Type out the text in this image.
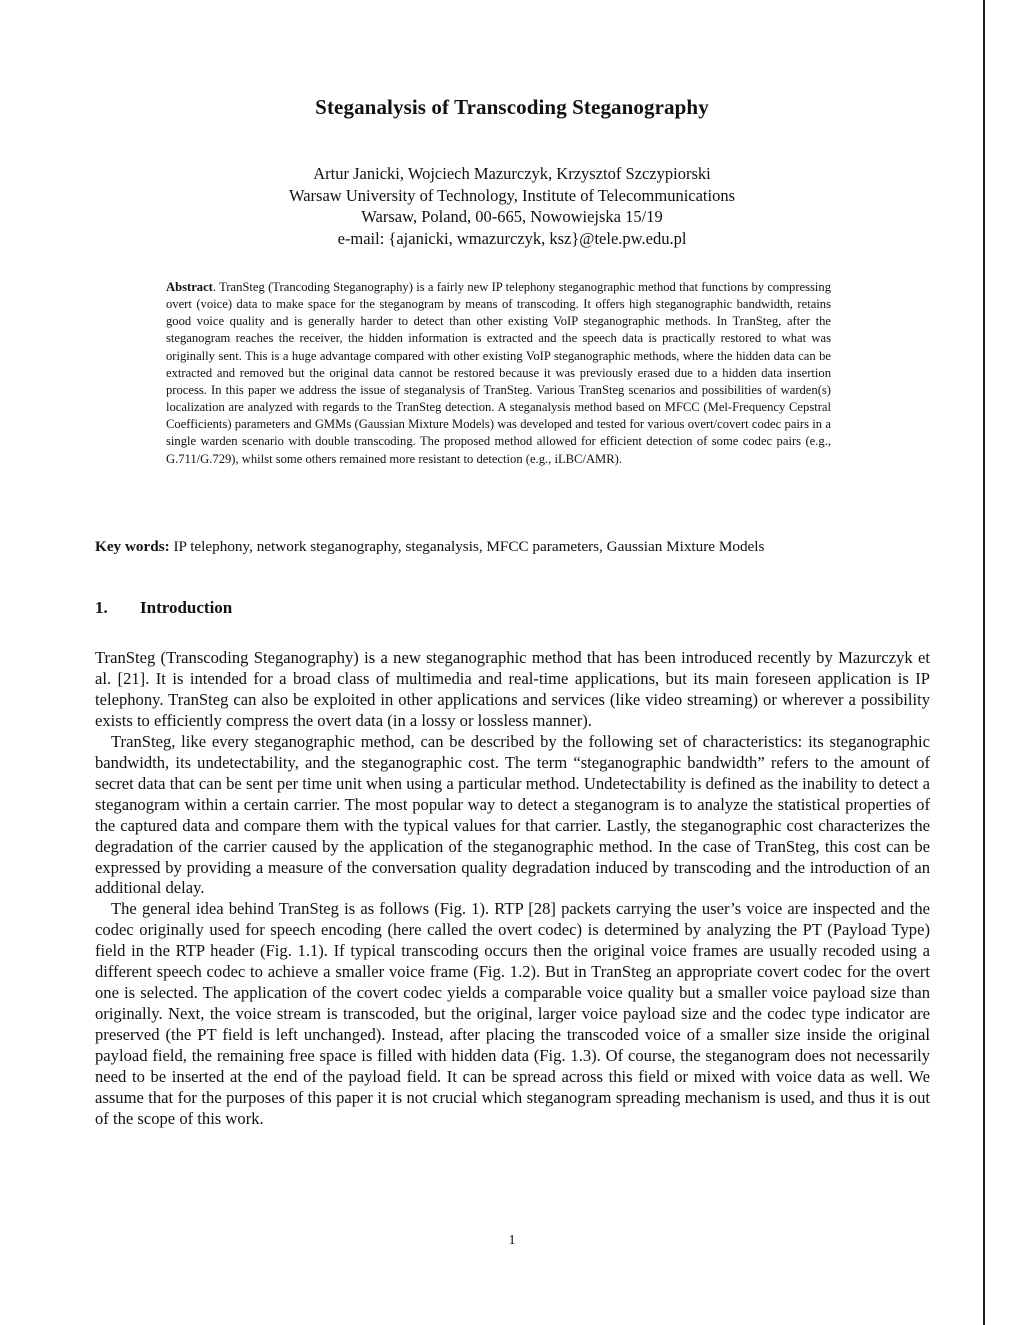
Steganalysis of Transcoding Steganography
Artur Janicki, Wojciech Mazurczyk, Krzysztof Szczypiorski
Warsaw University of Technology, Institute of Telecommunications
Warsaw, Poland, 00-665, Nowowiejska 15/19
e-mail: {ajanicki, wmazurczyk, ksz}@tele.pw.edu.pl
Abstract. TranSteg (Trancoding Steganography) is a fairly new IP telephony steganographic method that functions by compressing overt (voice) data to make space for the steganogram by means of transcoding. It offers high steganographic bandwidth, retains good voice quality and is generally harder to detect than other existing VoIP steganographic methods. In TranSteg, after the steganogram reaches the receiver, the hidden information is extracted and the speech data is practically restored to what was originally sent. This is a huge advantage compared with other existing VoIP steganographic methods, where the hidden data can be extracted and removed but the original data cannot be restored because it was previously erased due to a hidden data insertion process. In this paper we address the issue of steganalysis of TranSteg. Various TranSteg scenarios and possibilities of warden(s) localization are analyzed with regards to the TranSteg detection. A steganalysis method based on MFCC (Mel-Frequency Cepstral Coefficients) parameters and GMMs (Gaussian Mixture Models) was developed and tested for various overt/covert codec pairs in a single warden scenario with double transcoding. The proposed method allowed for efficient detection of some codec pairs (e.g., G.711/G.729), whilst some others remained more resistant to detection (e.g., iLBC/AMR).
Key words: IP telephony, network steganography, steganalysis, MFCC parameters, Gaussian Mixture Models
1. Introduction

TranSteg (Transcoding Steganography) is a new steganographic method that has been introduced recently by Mazurczyk et al. [21]. It is intended for a broad class of multimedia and real-time applications, but its main foreseen application is IP telephony. TranSteg can also be exploited in other applications and services (like video streaming) or wherever a possibility exists to efficiently compress the overt data (in a lossy or lossless manner).

TranSteg, like every steganographic method, can be described by the following set of characteristics: its steganographic bandwidth, its undetectability, and the steganographic cost. The term “steganographic bandwidth” refers to the amount of secret data that can be sent per time unit when using a particular method. Undetectability is defined as the inability to detect a steganogram within a certain carrier. The most popular way to detect a steganogram is to analyze the statistical properties of the captured data and compare them with the typical values for that carrier. Lastly, the steganographic cost characterizes the degradation of the carrier caused by the application of the steganographic method. In the case of TranSteg, this cost can be expressed by providing a measure of the conversation quality degradation induced by transcoding and the introduction of an additional delay.

The general idea behind TranSteg is as follows (Fig. 1). RTP [28] packets carrying the user’s voice are inspected and the codec originally used for speech encoding (here called the overt codec) is determined by analyzing the PT (Payload Type) field in the RTP header (Fig. 1.1). If typical transcoding occurs then the original voice frames are usually recoded using a different speech codec to achieve a smaller voice frame (Fig. 1.2). But in TranSteg an appropriate covert codec for the overt one is selected. The application of the covert codec yields a comparable voice quality but a smaller voice payload size than originally. Next, the voice stream is transcoded, but the original, larger voice payload size and the codec type indicator are preserved (the PT field is left unchanged). Instead, after placing the transcoded voice of a smaller size inside the original payload field, the remaining free space is filled with hidden data (Fig. 1.3). Of course, the steganogram does not necessarily need to be inserted at the end of the payload field. It can be spread across this field or mixed with voice data as well. We assume that for the purposes of this paper it is not crucial which steganogram spreading mechanism is used, and thus it is out of the scope of this work.

1
